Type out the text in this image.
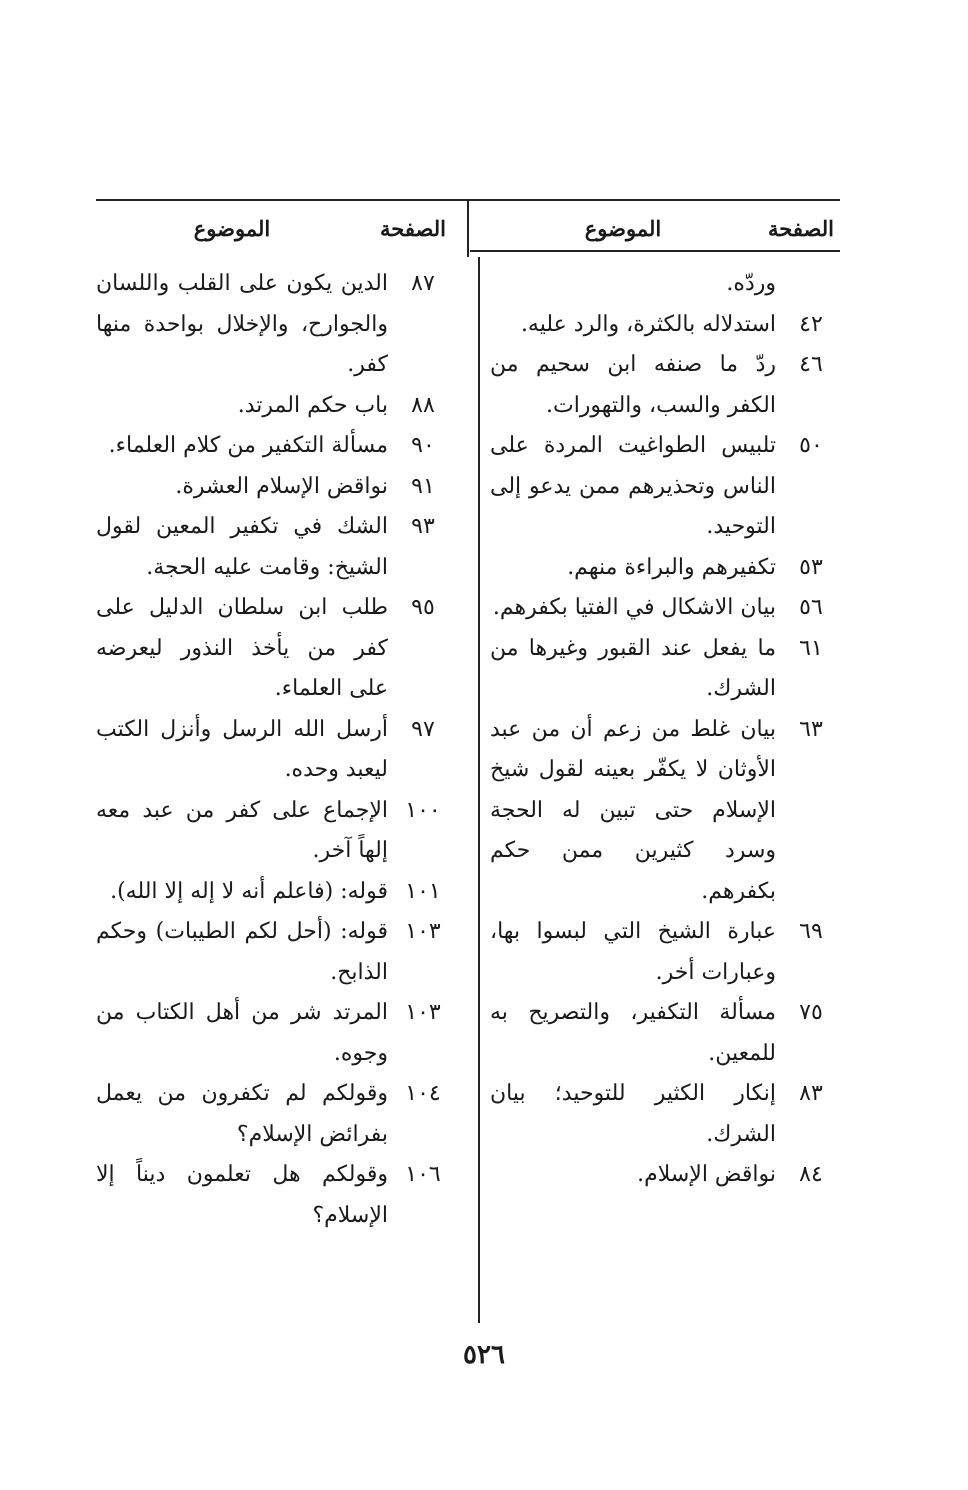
الصفحة
الموضوع
وردّه.
٤٢
استدلاله بالكثرة، والرد عليه.
٤٦
ردّ ما صنفه ابن سحيم من الكفر والسب، والتهورات.
٥٠
تلبيس الطواغيت المردة على الناس وتحذيرهم ممن يدعو إلى التوحيد.
٥٣
تكفيرهم والبراءة منهم.
٥٦
بيان الاشكال في الفتيا بكفرهم.
٦١
ما يفعل عند القبور وغيرها من الشرك.
٦٣
بيان غلط من زعم أن من عبد الأوثان لا يكفّر بعينه لقول شيخ الإسلام حتى تبين له الحجة وسرد كثيرين ممن حكم بكفرهم.
٦٩
عبارة الشيخ التي لبسوا بها، وعبارات أخر.
٧٥
مسألة التكفير، والتصريح به للمعين.
٨٣
إنكار الكثير للتوحيد؛ بيان الشرك.
٨٤
نواقض الإسلام.
الصفحة
الموضوع
٨٧
الدين يكون على القلب واللسان والجوارح، والإخلال بواحدة منها كفر.
٨٨
باب حكم المرتد.
٩٠
مسألة التكفير من كلام العلماء.
٩١
نواقض الإسلام العشرة.
٩٣
الشك في تكفير المعين لقول الشيخ: وقامت عليه الحجة.
٩٥
طلب ابن سلطان الدليل على كفر من يأخذ النذور ليعرضه على العلماء.
٩٧
أرسل الله الرسل وأنزل الكتب ليعبد وحده.
١٠٠
الإجماع على كفر من عبد معه إلهاً آخر.
١٠١
قوله: (فاعلم أنه لا إله إلا الله).
١٠٣
قوله: (أحل لكم الطيبات) وحكم الذابح.
١٠٣
المرتد شر من أهل الكتاب من وجوه.
١٠٤
وقولكم لم تكفرون من يعمل بفرائض الإسلام؟
١٠٦
وقولكم هل تعلمون ديناً إلا الإسلام؟
٥٢٦
